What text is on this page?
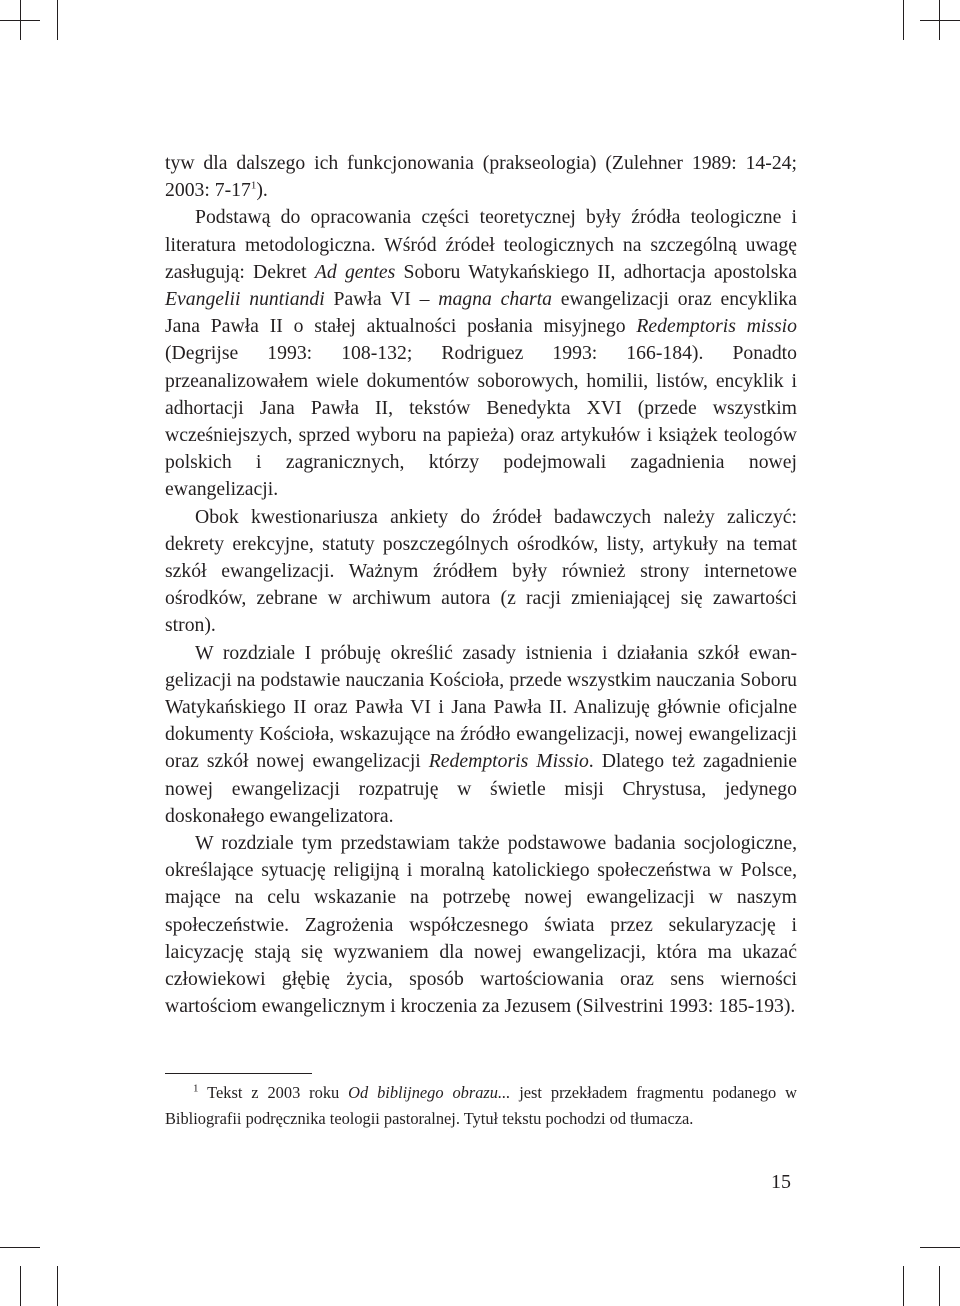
tyw dla dalszego ich funkcjonowania (prakseologia) (Zulehner 1989: 14-24; 2003: $7-17^1$).

Podstawą do opracowania części teoretycznej były źródła teologiczne i literatura metodologiczna. Wśród źródeł teologicznych na szczególną uwagę zasługują: Dekret Ad gentes Soboru Watykańskiego II, adhortacja apostolska Evangelii nuntiandi Pawła VI – magna charta ewangelizacji oraz encyklika Jana Pawła II o stałej aktualności posłania misyjnego Redemptoris missio (Degrijse 1993: 108-132; Rodriguez 1993: 166-184). Ponadto przeanalizowałem wiele dokumentów soborowych, homilii, listów, encyklik i adhortacji Jana Pawła II, tekstów Benedykta XVI (przede wszystkim wcześniejszych, sprzed wyboru na papieża) oraz artykułów i książek teologów polskich i zagranicznych, którzy podejmowali zagadnienia nowej ewangelizacji.

Obok kwestionariusza ankiety do źródeł badawczych należy zaliczyć: dekrety erekcyjne, statuty poszczególnych ośrodków, listy, artykuły na temat szkół ewangelizacji. Ważnym źródłem były również strony internetowe ośrodków, zebrane w archiwum autora (z racji zmieniającej się zawartości stron).

W rozdziale I próbuję określić zasady istnienia i działania szkół ewangelizacji na podstawie nauczania Kościoła, przede wszystkim nauczania Soboru Watykańskiego II oraz Pawła VI i Jana Pawła II. Analizuję głównie oficjalne dokumenty Kościoła, wskazujące na źródło ewangelizacji, nowej ewangelizacji oraz szkół nowej ewangelizacji Redemptoris Missio. Dlatego też zagadnienie nowej ewangelizacji rozpatruję w świetle misji Chrystusa, jedynego doskonałego ewangelizatora.

W rozdziale tym przedstawiam także podstawowe badania socjologiczne, określające sytuację religijną i moralną katolickiego społeczeństwa w Polsce, mające na celu wskazanie na potrzebę nowej ewangelizacji w naszym społeczeństwie. Zagrożenia współczesnego świata przez sekularyzację i laicyzację stają się wyzwaniem dla nowej ewangelizacji, która ma ukazać człowiekowi głębię życia, sposób wartościowania oraz sens wierności wartościom ewangelicznym i kroczenia za Jezusem (Silvestrini 1993: 185-193).

$^1$ Tekst z 2003 roku Od biblijnego obrazu... jest przekładem fragmentu podanego w Bibliografii podręcznika teologii pastoralnej. Tytuł tekstu pochodzi od tłumacza.

15
